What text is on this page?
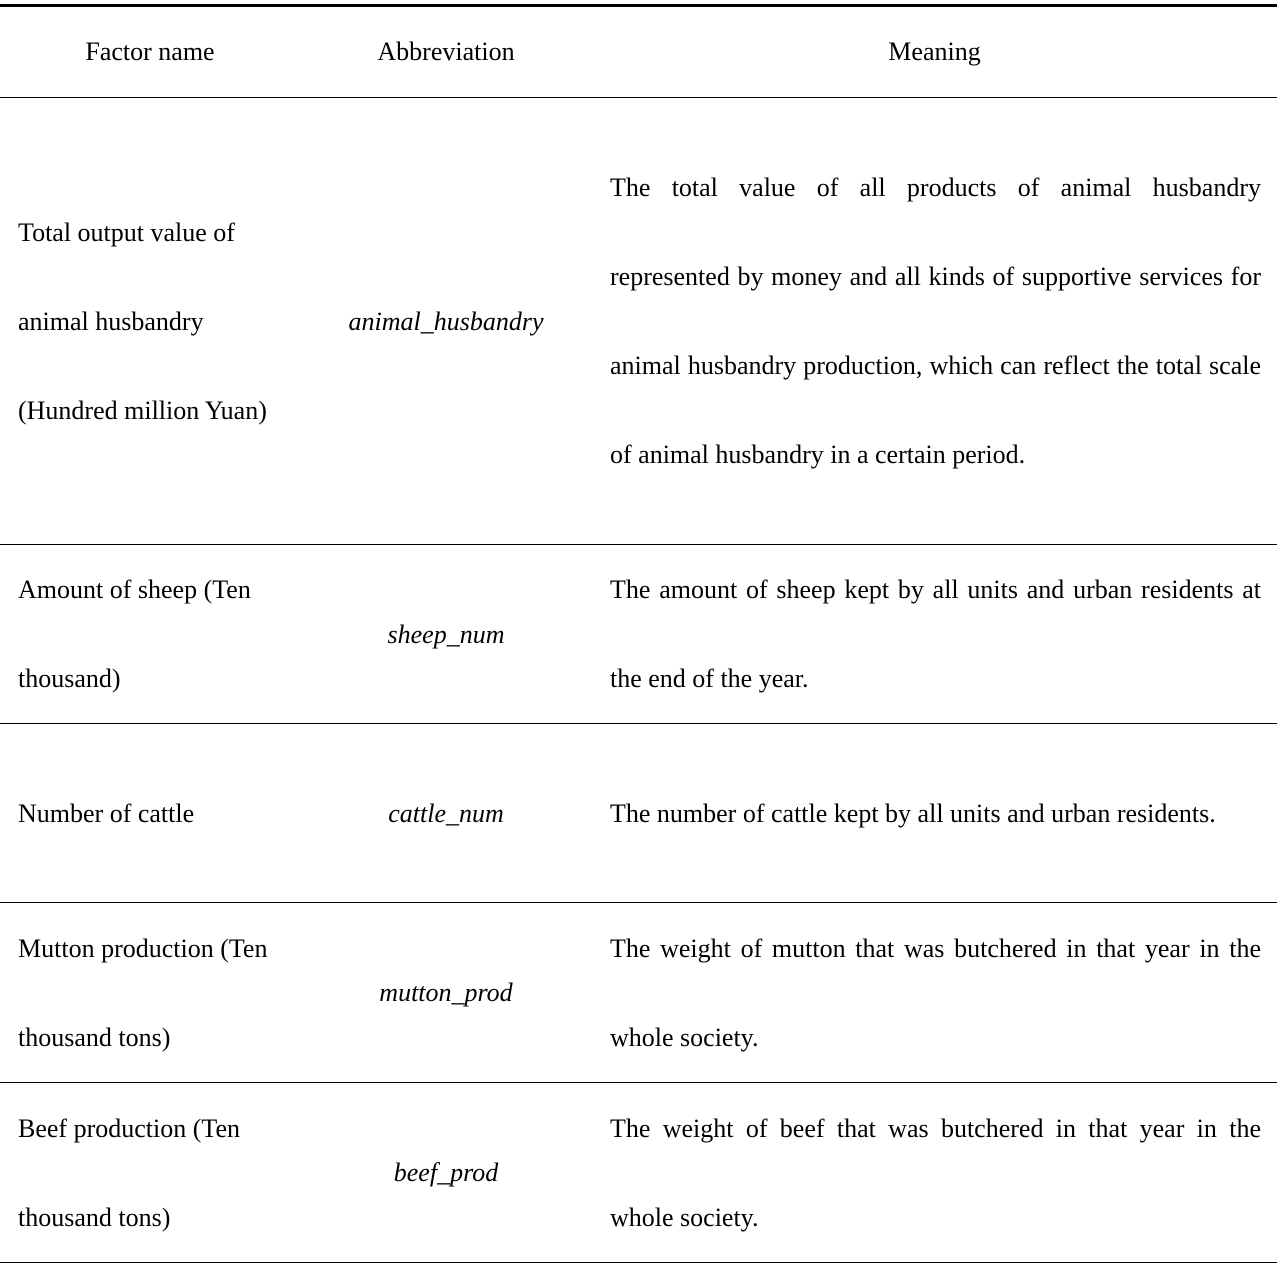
Factor name	Abbreviation	Meaning
Total output value of animal husbandry (Hundred million Yuan)	animal_husbandry	The total value of all products of animal husbandry represented by money and all kinds of supportive services for animal husbandry production, which can reflect the total scale of animal husbandry in a certain period.
Amount of sheep (Ten thousand)	sheep_num	The amount of sheep kept by all units and urban residents at the end of the year.
Number of cattle	cattle_num	The number of cattle kept by all units and urban residents.
Mutton production (Ten thousand tons)	mutton_prod	The weight of mutton that was butchered in that year in the whole society.
Beef production (Ten thousand tons)	beef_prod	The weight of beef that was butchered in that year in the whole society.
